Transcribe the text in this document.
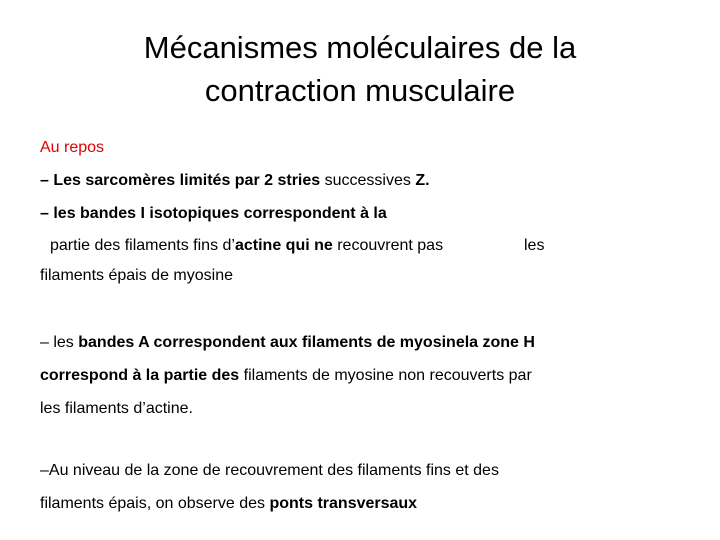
Mécanismes moléculaires de la
contraction musculaire
Au repos
– Les sarcomères limités par 2 stries successives Z.
– les bandes I isotopiques correspondent à la
partie des filaments fins d’actine qui ne recouvrent pas	les
filaments épais de myosine
– les bandes A correspondent aux filaments de myosinela zone H
correspond à la partie des filaments de myosine non recouverts par
les filaments d’actine.
–Au niveau de la zone de recouvrement des filaments fins et des
filaments épais, on observe des ponts transversaux
